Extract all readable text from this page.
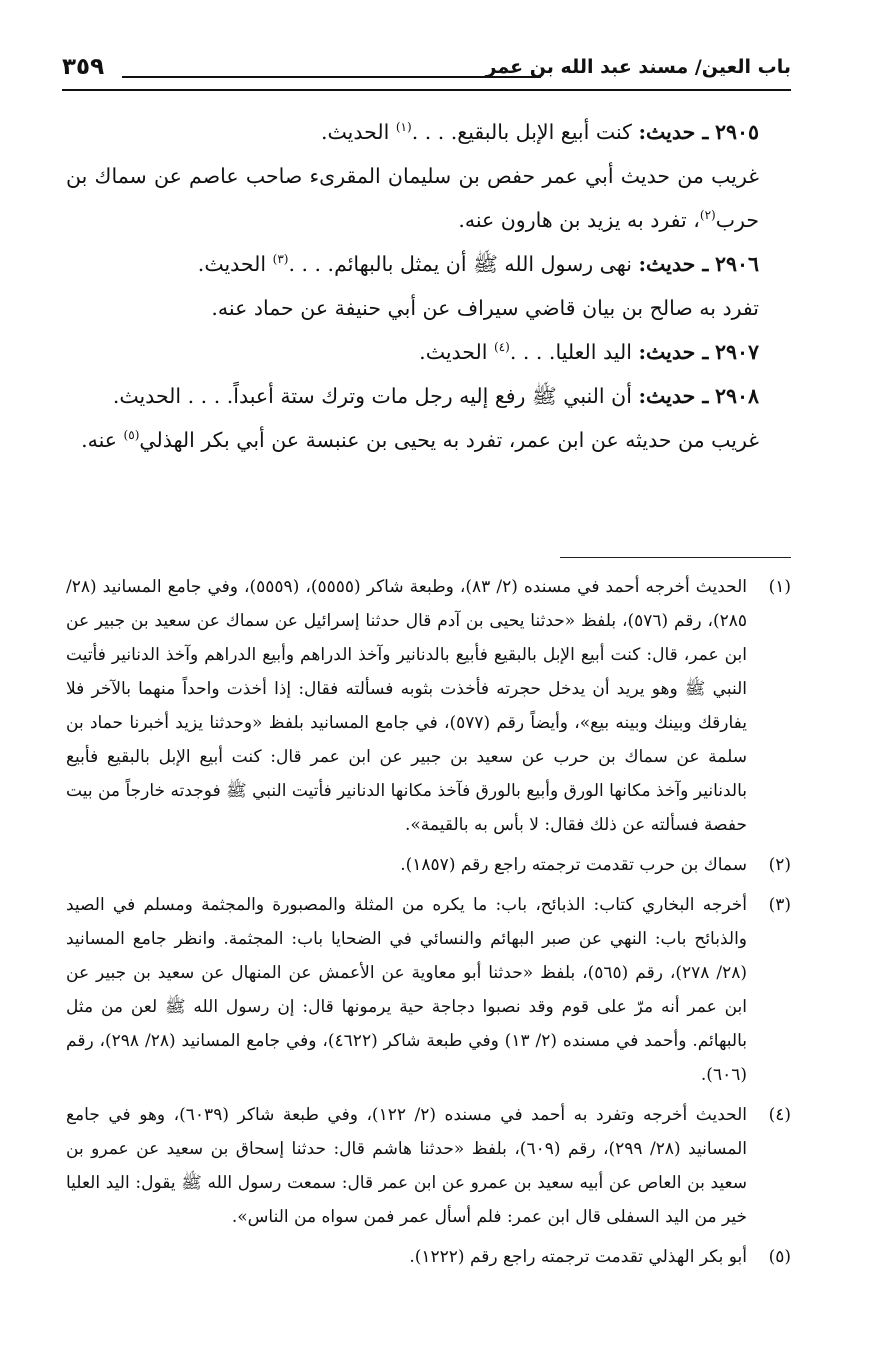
باب العين/ مسند عبد الله بن عمر
٣٥٩

٢٩٠٥ ـ حديث: كنت أبيع الإبل بالبقيع. . . .$^{(١)}$ الحديث.

غريب من حديث أبي عمر حفص بن سليمان المقرىء صاحب عاصم عن سماك بن حرب$^{(٢)}$، تفرد به يزيد بن هارون عنه.

٢٩٠٦ ـ حديث: نهى رسول الله ﷺ أن يمثل بالبهائم. . . .$^{(٣)}$ الحديث.

تفرد به صالح بن بيان قاضي سيراف عن أبي حنيفة عن حماد عنه.

٢٩٠٧ ـ حديث: اليد العليا. . . .$^{(٤)}$ الحديث.

٢٩٠٨ ـ حديث: أن النبي ﷺ رفع إليه رجل مات وترك ستة أعبداً. . . . الحديث.

غريب من حديثه عن ابن عمر، تفرد به يحيى بن عنبسة عن أبي بكر الهذلي$^{(٥)}$ عنه.

(١)
الحديث أخرجه أحمد في مسنده (٢/ ٨٣)، وطبعة شاكر (٥٥٥٥)، (٥٥٥٩)، وفي جامع المسانيد (٢٨/ ٢٨٥)، رقم (٥٧٦)، بلفظ «حدثنا يحيى بن آدم قال حدثنا إسرائيل عن سماك عن سعيد بن جبير عن ابن عمر، قال: كنت أبيع الإبل بالبقيع فأبيع بالدنانير وآخذ الدراهم وأبيع الدراهم وآخذ الدنانير فأتيت النبي ﷺ وهو يريد أن يدخل حجرته فأخذت بثوبه فسألته فقال: إذا أخذت واحداً منهما بالآخر فلا يفارقك وبينك وبينه بيع»، وأيضاً رقم (٥٧٧)، في جامع المسانيد بلفظ «وحدثنا يزيد أخبرنا حماد بن سلمة عن سماك بن حرب عن سعيد بن جبير عن ابن عمر قال: كنت أبيع الإبل بالبقيع فأبيع بالدنانير وآخذ مكانها الورق وأبيع بالورق فآخذ مكانها الدنانير فأتيت النبي ﷺ فوجدته خارجاً من بيت حفصة فسألته عن ذلك فقال: لا بأس به بالقيمة».
(٢)
سماك بن حرب تقدمت ترجمته راجع رقم (١٨٥٧).
(٣)
أخرجه البخاري كتاب: الذبائح، باب: ما يكره من المثلة والمصبورة والمجثمة ومسلم في الصيد والذبائح باب: النهي عن صبر البهائم والنسائي في الضحايا باب: المجثمة. وانظر جامع المسانيد (٢٨/ ٢٧٨)، رقم (٥٦٥)، بلفظ «حدثنا أبو معاوية عن الأعمش عن المنهال عن سعيد بن جبير عن ابن عمر أنه مرّ على قوم وقد نصبوا دجاجة حية يرمونها قال: إن رسول الله ﷺ لعن من مثل بالبهائم. وأحمد في مسنده (٢/ ١٣) وفي طبعة شاكر (٤٦٢٢)، وفي جامع المسانيد (٢٨/ ٢٩٨)، رقم (٦٠٦).
(٤)
الحديث أخرجه وتفرد به أحمد في مسنده (٢/ ١٢٢)، وفي طبعة شاكر (٦٠٣٩)، وهو في جامع المسانيد (٢٨/ ٢٩٩)، رقم (٦٠٩)، بلفظ «حدثنا هاشم قال: حدثنا إسحاق بن سعيد عن عمرو بن سعيد بن العاص عن أبيه سعيد بن عمرو عن ابن عمر قال: سمعت رسول الله ﷺ يقول: اليد العليا خير من اليد السفلى قال ابن عمر: فلم أسأل عمر فمن سواه من الناس».
(٥)
أبو بكر الهذلي تقدمت ترجمته راجع رقم (١٢٢٢).
